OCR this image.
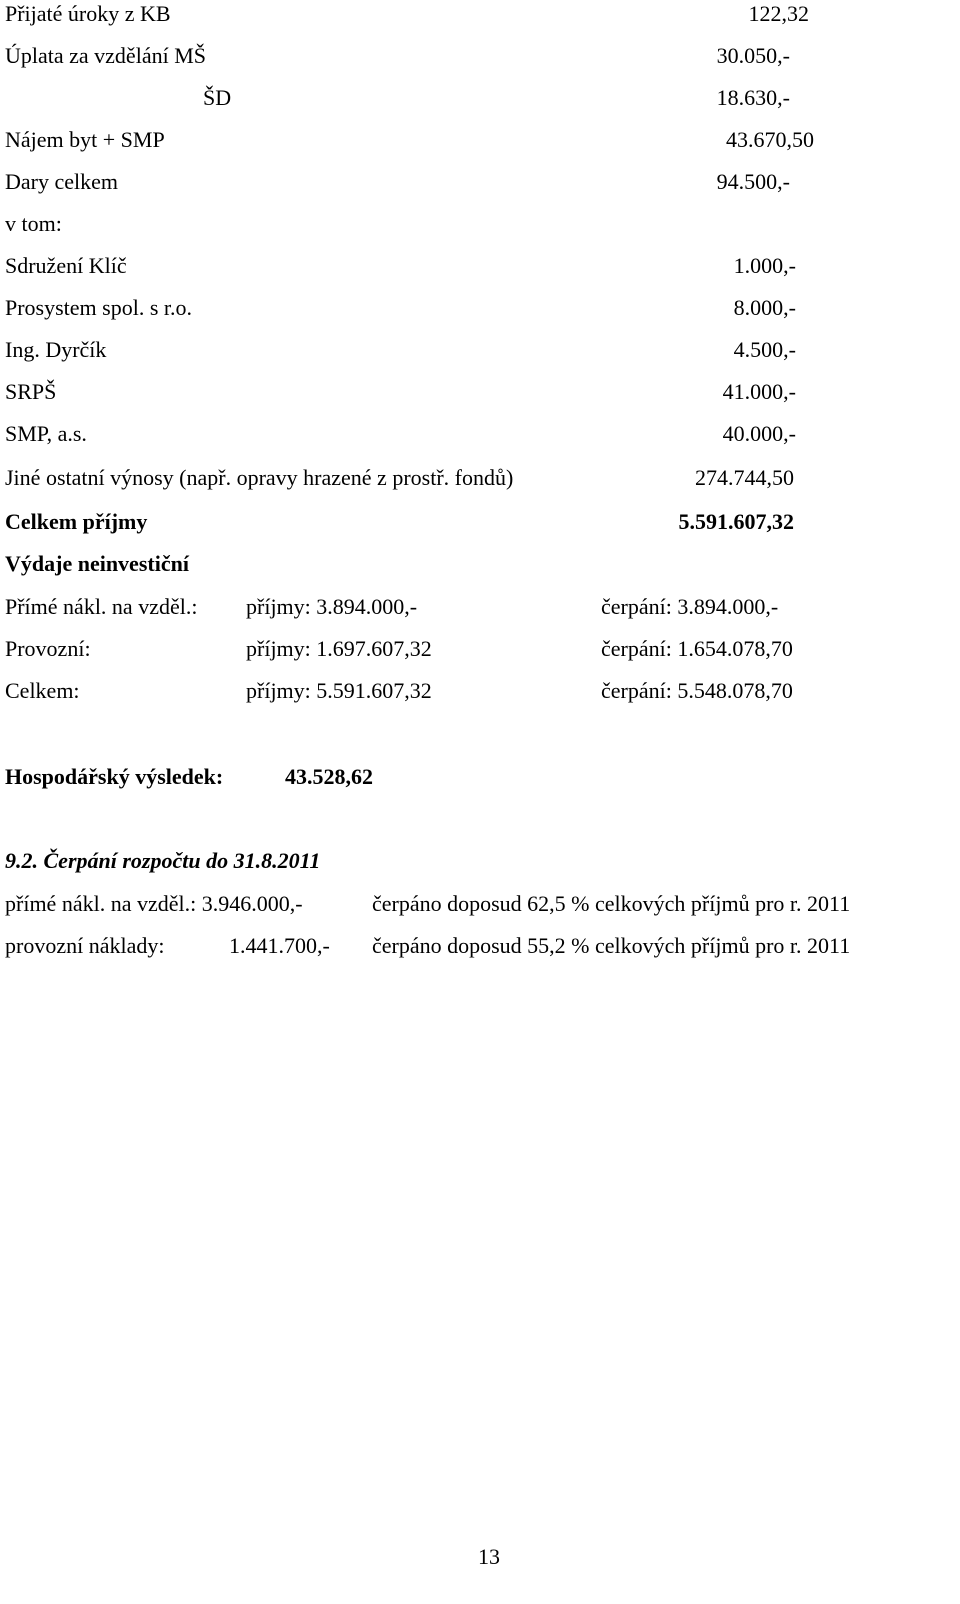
Přijaté úroky z KB	122,32
Úplata za vzdělání MŠ	30.050,-
ŠD	18.630,-
Nájem byt + SMP	43.670,50
Dary celkem	94.500,-
v tom:
Sdružení Klíč	1.000,-
Prosystem spol. s r.o.	8.000,-
Ing. Dyrčík	4.500,-
SRPŠ	41.000,-
SMP, a.s.	40.000,-
Jiné ostatní výnosy (např. opravy hrazené z prostř. fondů)	274.744,50
Celkem příjmy	5.591.607,32
Výdaje neinvestiční
Přímé nákl. na vzděl.: příjmy: 3.894.000,-	čerpání: 3.894.000,-
Provozní:	příjmy: 1.697.607,32	čerpání: 1.654.078,70
Celkem:	příjmy: 5.591.607,32	čerpání: 5.548.078,70
Hospodářský výsledek:	43.528,62
9.2. Čerpání rozpočtu do 31.8.2011
přímé nákl. na vzděl.: 3.946.000,-	čerpáno doposud 62,5 % celkových příjmů pro r. 2011
provozní náklady:	1.441.700,- čerpáno doposud 55,2 % celkových příjmů pro r. 2011
13
